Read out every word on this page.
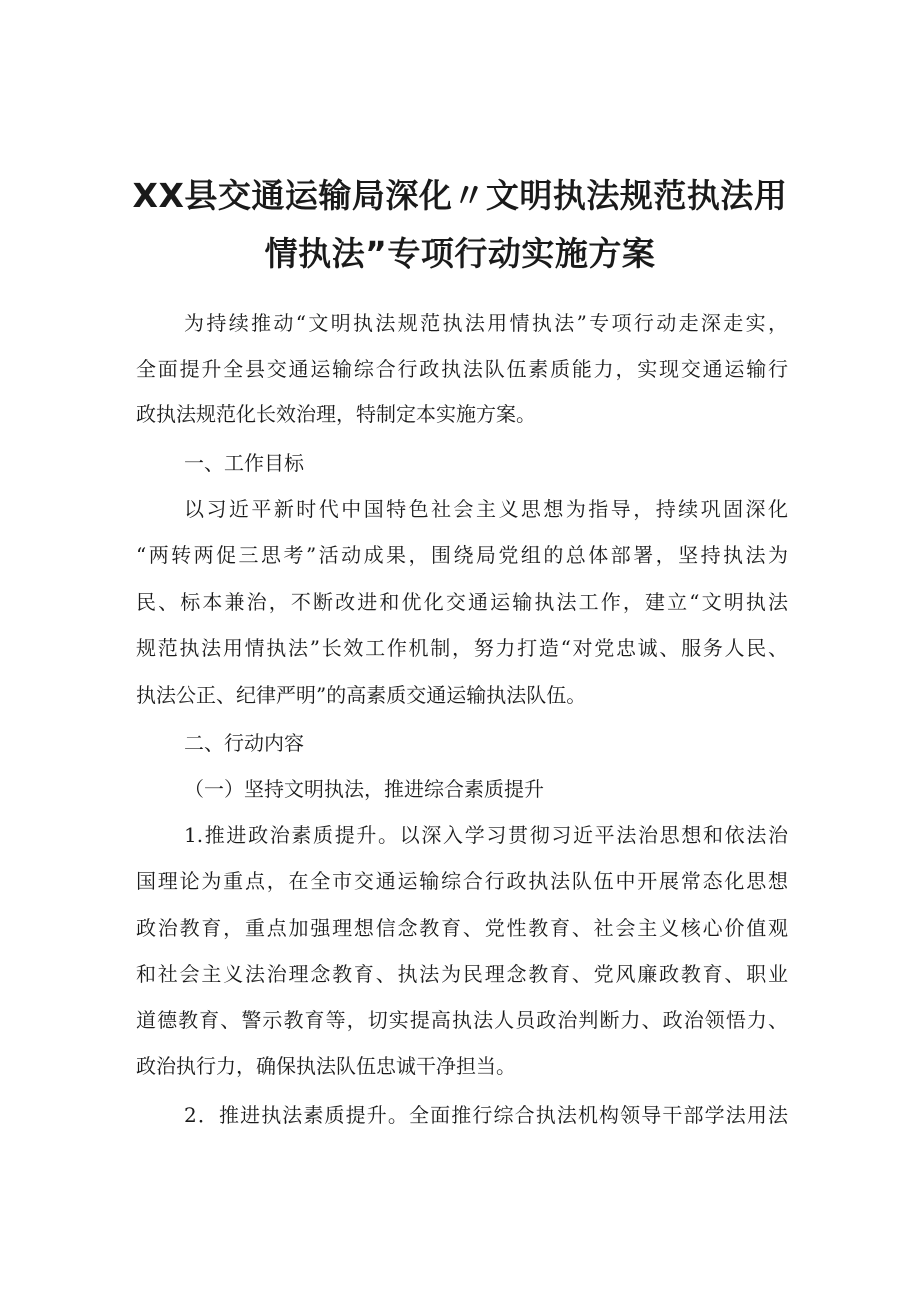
XX县交通运输局深化〃文明执法规范执法用
情执法”专项行动实施方案

为持续推动“文明执法规范执法用情执法”专项行动走深走实，

全面提升全县交通运输综合行政执法队伍素质能力，实现交通运输行

政执法规范化长效治理，特制定本实施方案。

一、工作目标

以习近平新时代中国特色社会主义思想为指导，持续巩固深化

“两转两促三思考”活动成果，围绕局党组的总体部署，坚持执法为

民、标本兼治，不断改进和优化交通运输执法工作，建立“文明执法

规范执法用情执法”长效工作机制，努力打造“对党忠诚、服务人民、

执法公正、纪律严明”的高素质交通运输执法队伍。

二、行动内容

（一）坚持文明执法，推进综合素质提升

1.推进政治素质提升。以深入学习贯彻习近平法治思想和依法治

国理论为重点，在全市交通运输综合行政执法队伍中开展常态化思想

政治教育，重点加强理想信念教育、党性教育、社会主义核心价值观

和社会主义法治理念教育、执法为民理念教育、党风廉政教育、职业

道德教育、警示教育等，切实提高执法人员政治判断力、政治领悟力、

政治执行力，确保执法队伍忠诚干净担当。

2．推进执法素质提升。全面推行综合执法机构领导干部学法用法
